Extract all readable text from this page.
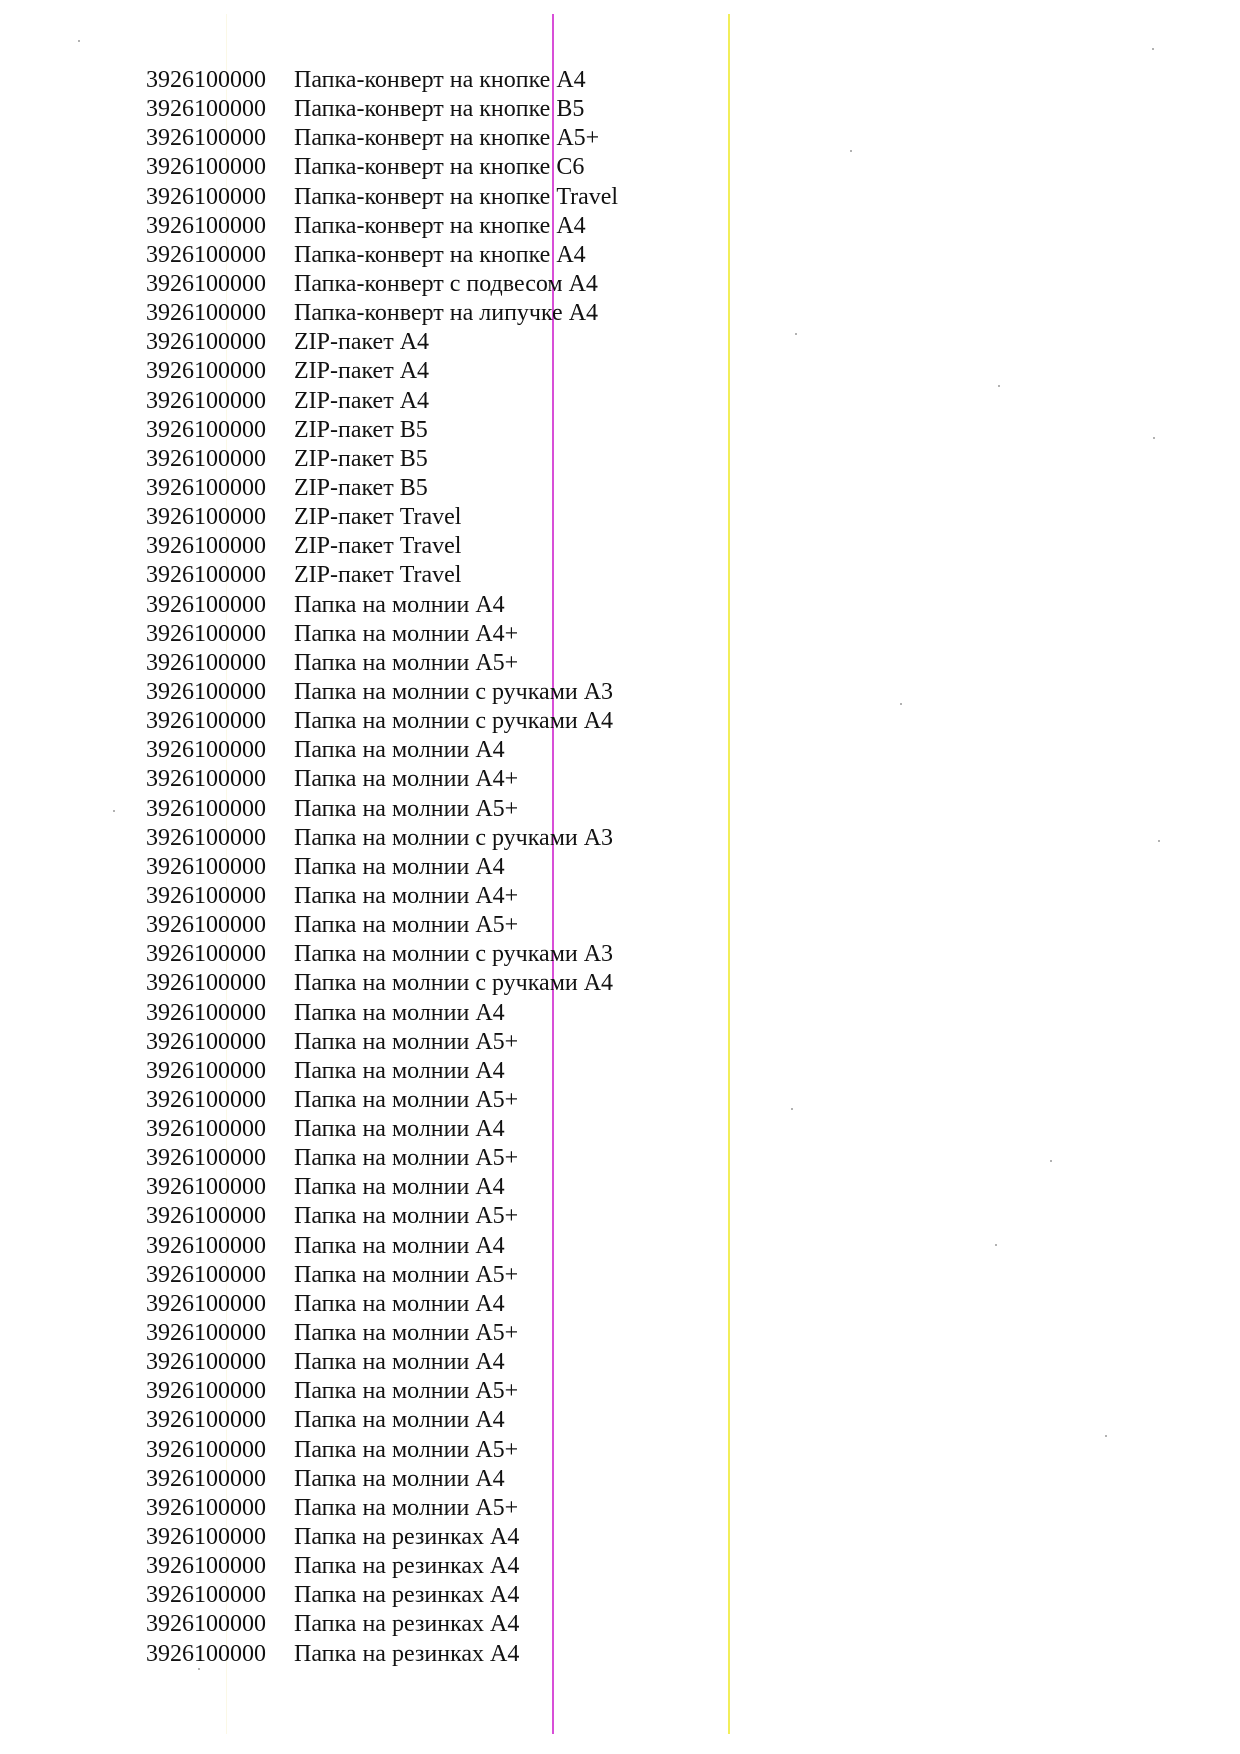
3926100000 Папка-конверт на кнопке А4
3926100000 Папка-конверт на кнопке В5
3926100000 Папка-конверт на кнопке А5+
3926100000 Папка-конверт на кнопке С6
3926100000 Папка-конверт на кнопке Travel
3926100000 Папка-конверт на кнопке А4
3926100000 Папка-конверт на кнопке А4
3926100000 Папка-конверт с подвесом А4
3926100000 Папка-конверт на липучке А4
3926100000 ZIP-пакет А4
3926100000 ZIP-пакет А4
3926100000 ZIP-пакет А4
3926100000 ZIP-пакет В5
3926100000 ZIP-пакет В5
3926100000 ZIP-пакет В5
3926100000 ZIP-пакет Travel
3926100000 ZIP-пакет Travel
3926100000 ZIP-пакет Travel
3926100000 Папка на молнии А4
3926100000 Папка на молнии А4+
3926100000 Папка на молнии А5+
3926100000 Папка на молнии с ручками А3
3926100000 Папка на молнии с ручками А4
3926100000 Папка на молнии А4
3926100000 Папка на молнии А4+
3926100000 Папка на молнии А5+
3926100000 Папка на молнии с ручками А3
3926100000 Папка на молнии А4
3926100000 Папка на молнии А4+
3926100000 Папка на молнии А5+
3926100000 Папка на молнии с ручками А3
3926100000 Папка на молнии с ручками А4
3926100000 Папка на молнии А4
3926100000 Папка на молнии А5+
3926100000 Папка на молнии А4
3926100000 Папка на молнии А5+
3926100000 Папка на молнии А4
3926100000 Папка на молнии А5+
3926100000 Папка на молнии А4
3926100000 Папка на молнии А5+
3926100000 Папка на молнии А4
3926100000 Папка на молнии А5+
3926100000 Папка на молнии А4
3926100000 Папка на молнии А5+
3926100000 Папка на молнии А4
3926100000 Папка на молнии А5+
3926100000 Папка на молнии А4
3926100000 Папка на молнии А5+
3926100000 Папка на молнии А4
3926100000 Папка на молнии А5+
3926100000 Папка на резинках А4
3926100000 Папка на резинках А4
3926100000 Папка на резинках А4
3926100000 Папка на резинках А4
3926100000 Папка на резинках А4
